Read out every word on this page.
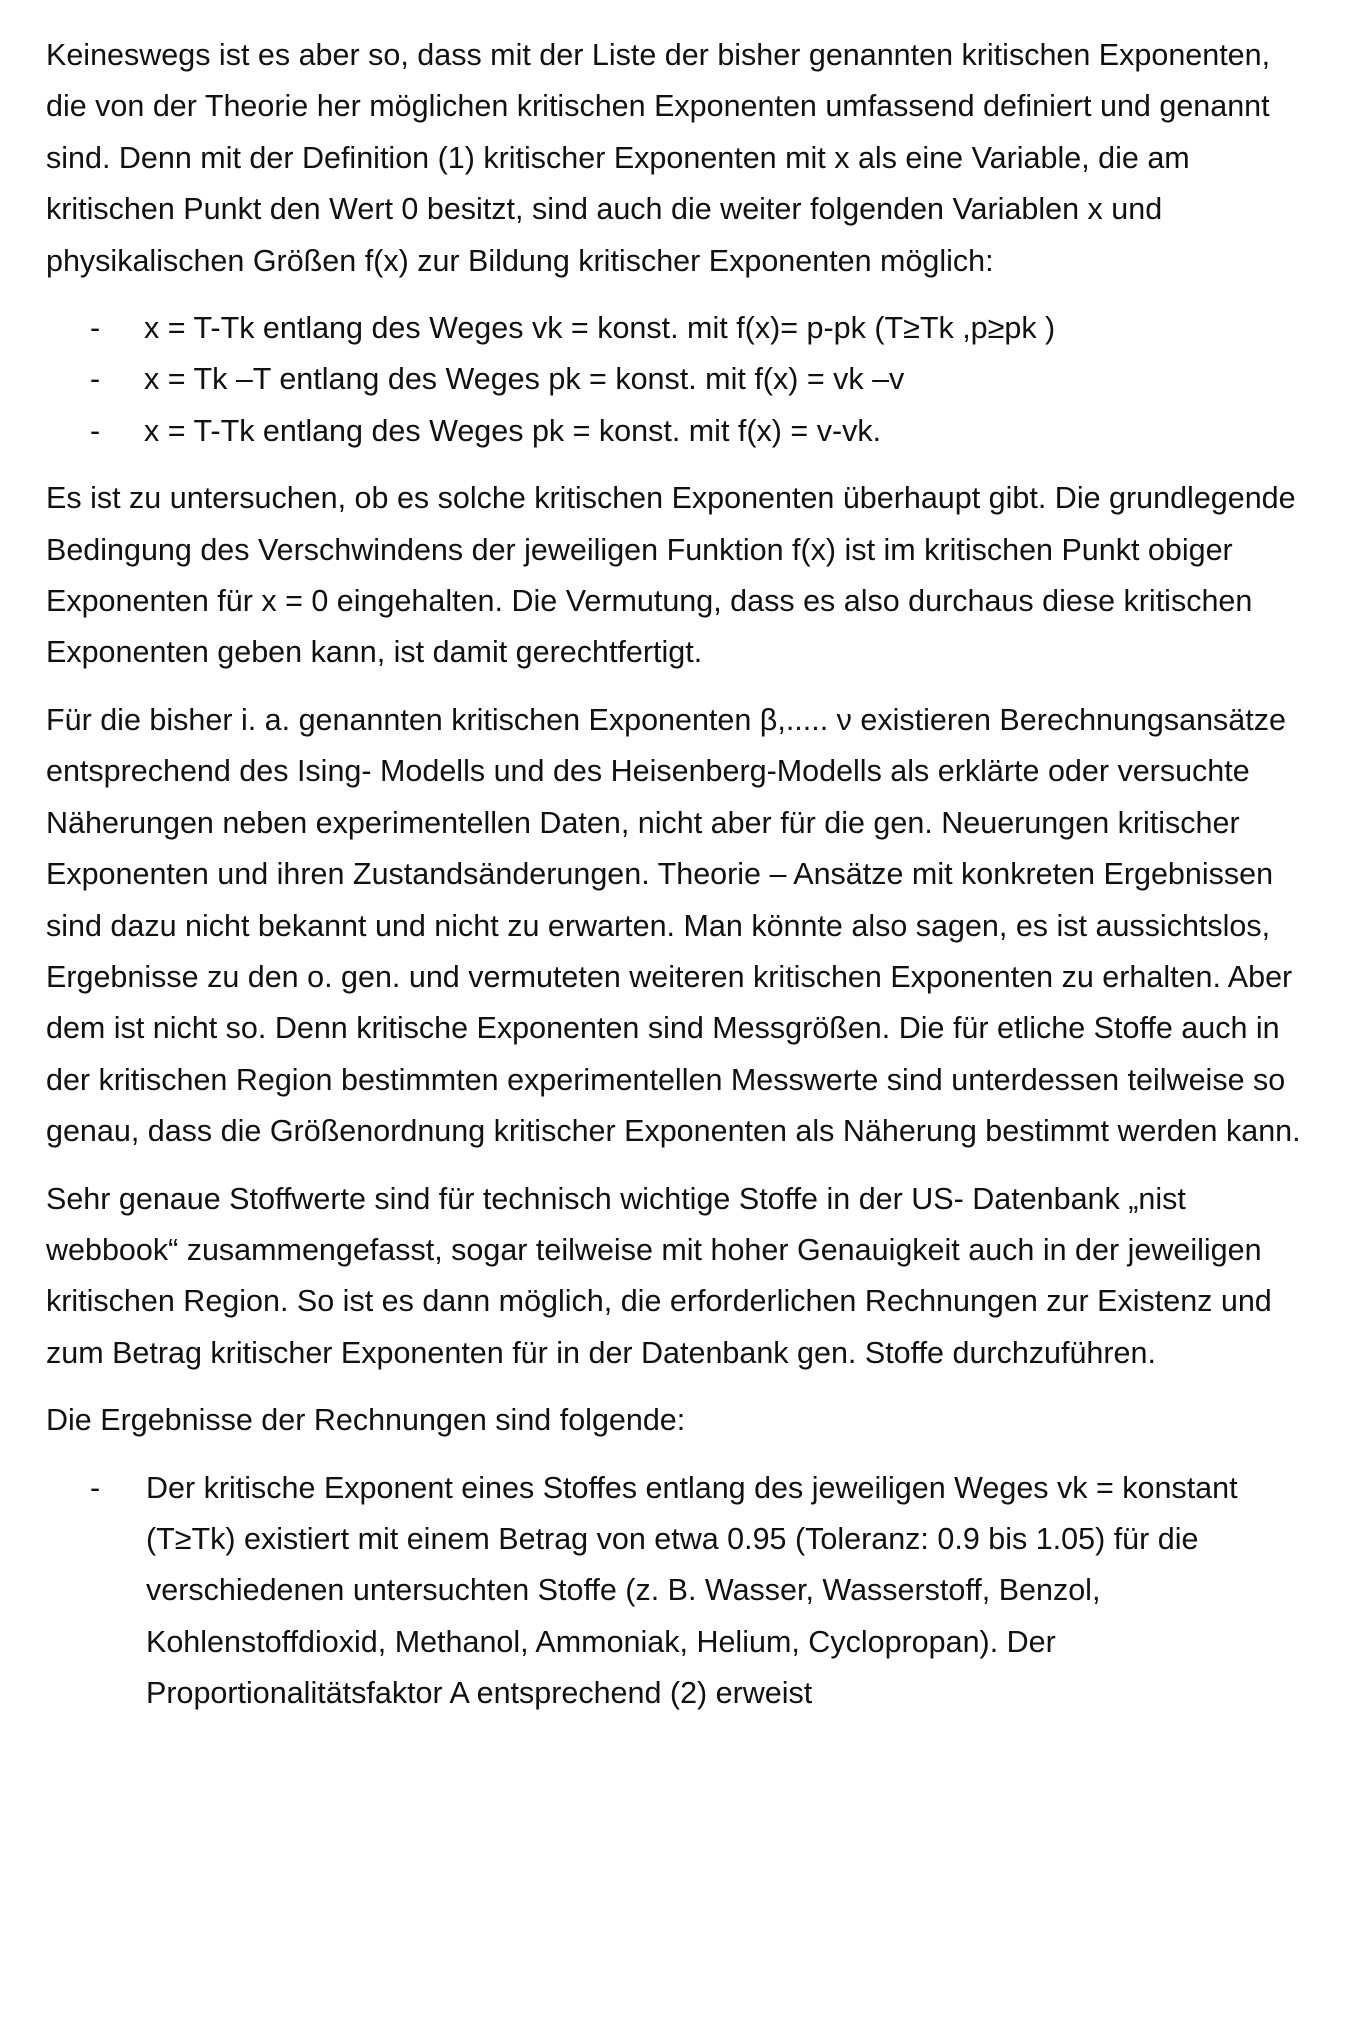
Keineswegs ist es aber so, dass mit der Liste der bisher genannten kritischen Exponenten, die von der Theorie her möglichen kritischen Exponenten umfassend definiert und genannt sind. Denn mit der Definition (1) kritischer Exponenten mit x als eine Variable, die am kritischen Punkt den Wert 0 besitzt, sind auch die weiter folgenden Variablen x und physikalischen Größen f(x) zur Bildung kritischer Exponenten möglich:

- x = T-Tk entlang des Weges vk = konst. mit f(x)= p-pk (T≥Tk ,p≥pk )
- x = Tk –T entlang des Weges pk = konst. mit f(x) = vk –v
- x = T-Tk entlang des Weges pk = konst. mit f(x) = v-vk.

Es ist zu untersuchen, ob es solche kritischen Exponenten überhaupt gibt. Die grundlegende Bedingung des Verschwindens der jeweiligen Funktion f(x) ist im kritischen Punkt obiger Exponenten für x = 0 eingehalten. Die Vermutung, dass es also durchaus diese kritischen Exponenten geben kann, ist damit gerechtfertigt.

Für die bisher i. a. genannten kritischen Exponenten β,..... ν existieren Berechnungsansätze entsprechend des Ising- Modells und des Heisenberg-Modells als erklärte oder versuchte Näherungen neben experimentellen Daten, nicht aber für die gen. Neuerungen kritischer Exponenten und ihren Zustandsänderungen. Theorie – Ansätze mit konkreten Ergebnissen sind dazu nicht bekannt und nicht zu erwarten. Man könnte also sagen, es ist aussichtslos, Ergebnisse zu den o. gen. und vermuteten weiteren kritischen Exponenten zu erhalten. Aber dem ist nicht so. Denn kritische Exponenten sind Messgrößen. Die für etliche Stoffe auch in der kritischen Region bestimmten experimentellen Messwerte sind unterdessen teilweise so genau, dass die Größenordnung kritischer Exponenten als Näherung bestimmt werden kann.

Sehr genaue Stoffwerte sind für technisch wichtige Stoffe in der US- Datenbank „nist webbook“ zusammengefasst, sogar teilweise mit hoher Genauigkeit auch in der jeweiligen kritischen Region. So ist es dann möglich, die erforderlichen Rechnungen zur Existenz und zum Betrag kritischer Exponenten für in der Datenbank gen. Stoffe durchzuführen.

Die Ergebnisse der Rechnungen sind folgende:

- Der kritische Exponent eines Stoffes entlang des jeweiligen Weges vk = konstant (T≥Tk) existiert mit einem Betrag von etwa 0.95 (Toleranz: 0.9 bis 1.05) für die verschiedenen untersuchten Stoffe (z. B. Wasser, Wasserstoff, Benzol, Kohlenstoffdioxid, Methanol, Ammoniak, Helium, Cyclopropan). Der Proportionalitätsfaktor A entsprechend (2) erweist
